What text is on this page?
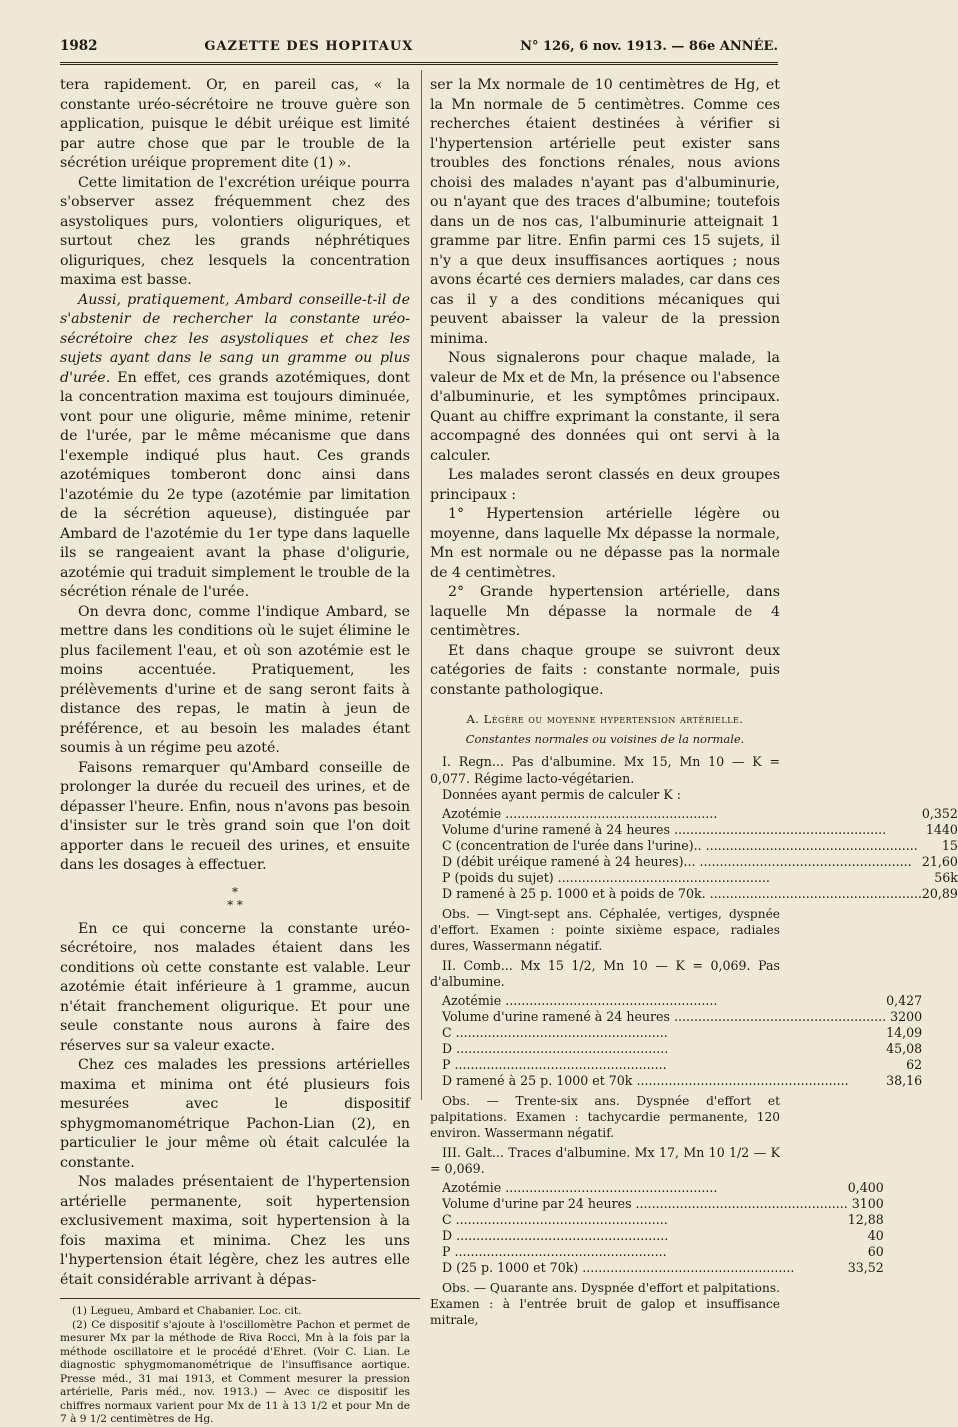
1982	GAZETTE DES HOPITAUX	N° 126, 6 nov. 1913. — 86e ANNÉE.

tera rapidement. Or, en pareil cas, « la constante uréo-sécrétoire ne trouve guère son application, puisque le débit uréique est limité par autre chose que par le trouble de la sécrétion uréique proprement dite (1) ».

Cette limitation de l'excrétion uréique pourra s'observer assez fréquemment chez des asystoliques purs, volontiers oliguriques, et surtout chez les grands néphrétiques oliguriques, chez lesquels la concentration maxima est basse.

Aussi, pratiquement, Ambard conseille-t-il de s'abstenir de rechercher la constante uréo-sécrétoire chez les asystoliques et chez les sujets ayant dans le sang un gramme ou plus d'urée. En effet, ces grands azotémiques, dont la concentration maxima est toujours diminuée, vont pour une oligurie, même minime, retenir de l'urée, par le même mécanisme que dans l'exemple indiqué plus haut. Ces grands azotémiques tomberont donc ainsi dans l'azotémie du 2e type (azotémie par limitation de la sécrétion aqueuse), distinguée par Ambard de l'azotémie du 1er type dans laquelle ils se rangeaient avant la phase d'oligurie, azotémie qui traduit simplement le trouble de la sécrétion rénale de l'urée.

On devra donc, comme l'indique Ambard, se mettre dans les conditions où le sujet élimine le plus facilement l'eau, et où son azotémie est le moins accentuée. Pratiquement, les prélèvements d'urine et de sang seront faits à distance des repas, le matin à jeun de préférence, et au besoin les malades étant soumis à un régime peu azoté.

Faisons remarquer qu'Ambard conseille de prolonger la durée du recueil des urines, et de dépasser l'heure. Enfin, nous n'avons pas besoin d'insister sur le très grand soin que l'on doit apporter dans le recueil des urines, et ensuite dans les dosages à effectuer.

*
* *

En ce qui concerne la constante uréo-sécrétoire, nos malades étaient dans les conditions où cette constante est valable. Leur azotémie était inférieure à 1 gramme, aucun n'était franchement oligurique. Et pour une seule constante nous aurons à faire des réserves sur sa valeur exacte.

Chez ces malades les pressions artérielles maxima et minima ont été plusieurs fois mesurées avec le dispositif sphygmomanométrique Pachon-Lian (2), en particulier le jour même où était calculée la constante.

Nos malades présentaient de l'hypertension artérielle permanente, soit hypertension exclusivement maxima, soit hypertension à la fois maxima et minima. Chez les uns l'hypertension était légère, chez les autres elle était considérable arrivant à dépas-

(1) Legueu, Ambard et Chabanier. Loc. cit.
(2) Ce dispositif s'ajoute à l'oscillomètre Pachon et permet de mesurer Mx par la méthode de Riva Rocci, Mn à la fois par la méthode oscillatoire et le procédé d'Ehret. (Voir C. Lian. Le diagnostic sphygmomanométrique de l'insuffisance aortique. Presse méd., 31 mai 1913, et Comment mesurer la pression artérielle, Paris méd., nov. 1913.) — Avec ce dispositif les chiffres normaux varient pour Mx de 11 à 13 1/2 et pour Mn de 7 à 9 1/2 centimètres de Hg.

ser la Mx normale de 10 centimètres de Hg, et la Mn normale de 5 centimètres. Comme ces recherches étaient destinées à vérifier si l'hypertension artérielle peut exister sans troubles des fonctions rénales, nous avions choisi des malades n'ayant pas d'albuminurie, ou n'ayant que des traces d'albumine; toutefois dans un de nos cas, l'albuminurie atteignait 1 gramme par litre. Enfin parmi ces 15 sujets, il n'y a que deux insuffisances aortiques ; nous avons écarté ces derniers malades, car dans ces cas il y a des conditions mécaniques qui peuvent abaisser la valeur de la pression minima.

Nous signalerons pour chaque malade, la valeur de Mx et de Mn, la présence ou l'absence d'albuminurie, et les symptômes principaux. Quant au chiffre exprimant la constante, il sera accompagné des données qui ont servi à la calculer.

Les malades seront classés en deux groupes principaux :

1° Hypertension artérielle légère ou moyenne, dans laquelle Mx dépasse la normale, Mn est normale ou ne dépasse pas la normale de 4 centimètres.

2° Grande hypertension artérielle, dans laquelle Mn dépasse la normale de 4 centimètres.

Et dans chaque groupe se suivront deux catégories de faits : constante normale, puis constante pathologique.

A. Légère ou moyenne hypertension artérielle.
Constantes normales ou voisines de la normale.
I. Regn... Pas d'albumine. Mx 15, Mn 10 — K = 0,077. Régime lacto-végétarien.
Données ayant permis de calculer K :
Azotémie .....	0,352
Volume d'urine ramené à 24 heures .....	1440
C (concentration de l'urée dans l'urine).. .....	15
D (débit uréique ramené à 24 heures)... .....	21,60
P (poids du sujet) .....	56k
D ramené à 25 p. 1000 et à poids de 70k. .....	20,89
Obs. — Vingt-sept ans. Céphalée, vertiges, dyspnée d'effort. Examen : pointe sixième espace, radiales dures, Wassermann négatif.
II. Comb... Mx 15 1/2, Mn 10 — K = 0,069. Pas d'albumine.
Azotémie .....	0,427
Volume d'urine ramené à 24 heures .....	3200
C .....	14,09
D .....	45,08
P .....	62
D ramené à 25 p. 1000 et 70k .....	38,16
Obs. — Trente-six ans. Dyspnée d'effort et palpitations. Examen : tachycardie permanente, 120 environ. Wassermann négatif.
III. Galt... Traces d'albumine. Mx 17, Mn 10 1/2 — K = 0,069.
Azotémie .....	0,400
Volume d'urine par 24 heures .....	3100
C .....	12,88
D .....	40
P .....	60
D (25 p. 1000 et 70k) .....	33,52
Obs. — Quarante ans. Dyspnée d'effort et palpitations. Examen : à l'entrée bruit de galop et insuffisance mitrale,
